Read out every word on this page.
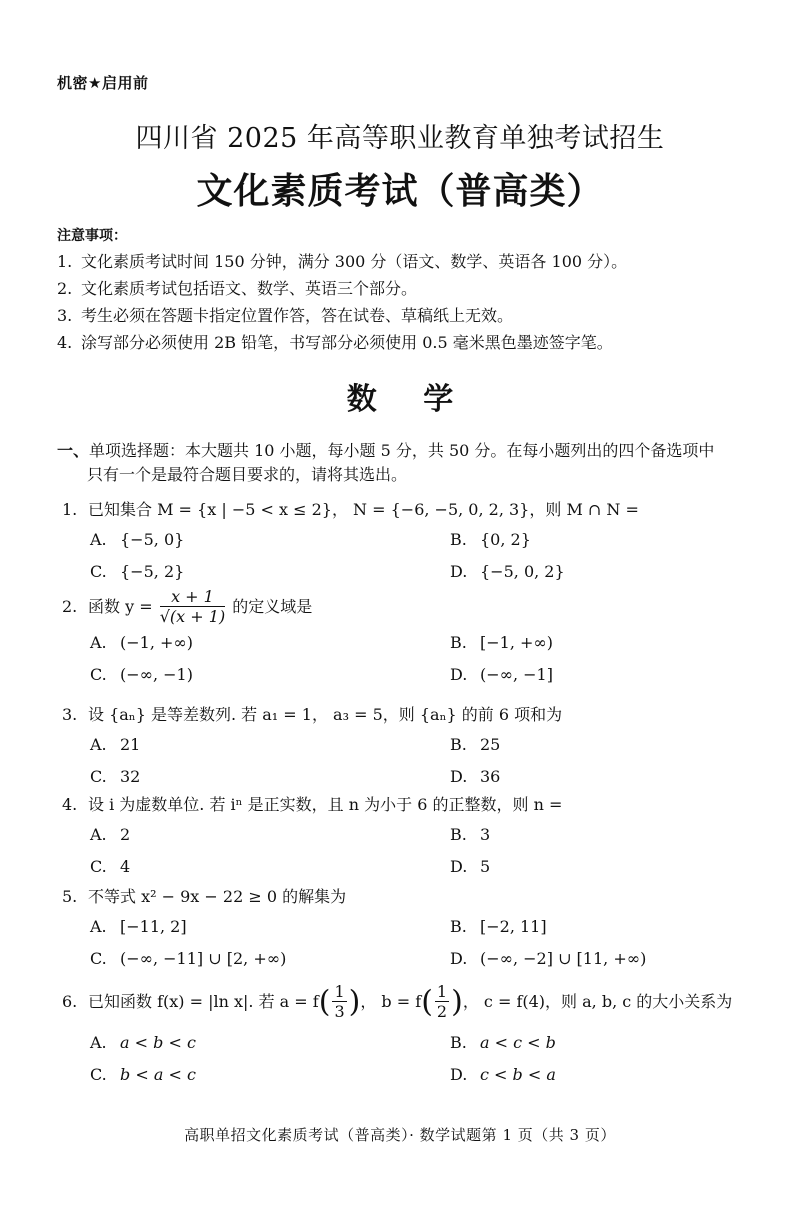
机密★启用前
四川省 2025 年高等职业教育单独考试招生
文化素质考试（普高类）
注意事项：
1. 文化素质考试时间 150 分钟，满分 300 分（语文、数学、英语各 100 分）。
2. 文化素质考试包括语文、数学、英语三个部分。
3. 考生必须在答题卡指定位置作答，答在试卷、草稿纸上无效。
4. 涂写部分必须使用 2B 铅笔，书写部分必须使用 0.5 毫米黑色墨迹签字笔。
数 学
一、单项选择题：本大题共 10 小题，每小题 5 分，共 50 分。在每小题列出的四个备选项中
只有一个是最符合题目要求的，请将其选出。
1. 已知集合 M = {x | −5 < x ≤ 2}， N = {−6, −5, 0, 2, 3}，则 M ∩ N =
A. {−5, 0}	B. {0, 2}
C. {−5, 2}	D. {−5, 0, 2}
2. 函数 $y = \frac{x + 1}{√(x + 1)}$ 的定义域是
A. (−1, +∞)	B. [−1, +∞)
C. (−∞, −1)	D. (−∞, −1]
3. 设 {aₙ} 是等差数列. 若 a₁ = 1， a₃ = 5，则 {aₙ} 的前 6 项和为
A. 21	B. 25
C. 32	D. 36
4. 设 i 为虚数单位. 若 iⁿ 是正实数，且 n 为小于 6 的正整数，则 n =
A. 2	B. 3
C. 4	D. 5
5. 不等式 x² − 9x − 22 ≥ 0 的解集为
A. [−11, 2]	B. [−2, 11]
C. (−∞, −11] ∪ [2, +∞)	D. (−∞, −2] ∪ [11, +∞)
6. 已知函数 f(x) = |ln x|. 若 $a = f( \frac{1}{3}$ )， $b = f( \frac{1}{2}$ )， c = f(4)，则 a, b, c 的大小关系为
A. a < b < c	B. a < c < b
C. b < a < c	D. c < b < a
高职单招文化素质考试（普高类）· 数学试题第 1 页（共 3 页）
